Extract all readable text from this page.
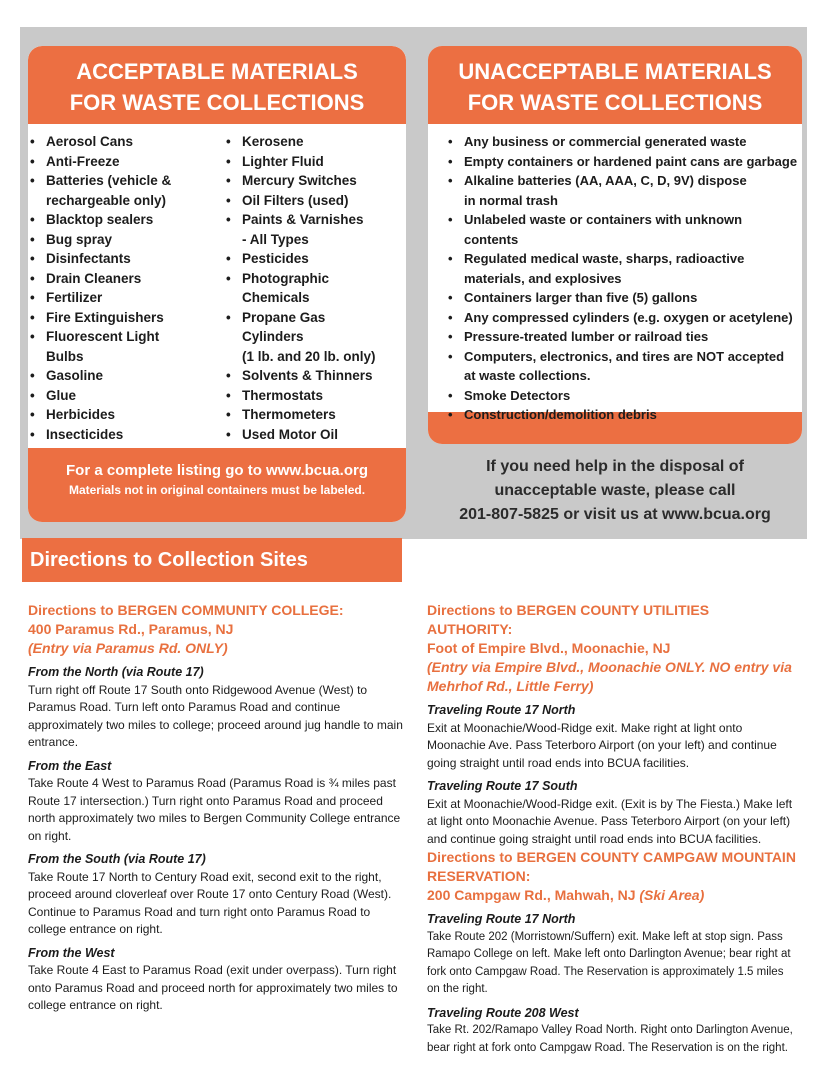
ACCEPTABLE MATERIALS
FOR WASTE COLLECTIONS
For a complete listing go to www.bcua.org
Materials not in original containers must be labeled.
• Aerosol Cans
• Anti-Freeze
• Batteries (vehicle &
rechargeable only)
• Blacktop sealers
• Bug spray
• Disinfectants
• Drain Cleaners
• Fertilizer
• Fire Extinguishers
• Fluorescent Light
Bulbs
• Gasoline
• Glue
• Herbicides
• Insecticides
• Kerosene
• Lighter Fluid
• Mercury Switches
• Oil Filters (used)
• Paints & Varnishes
- All Types
• Pesticides
• Photographic
Chemicals
• Propane Gas Cylinders
(1 lb. and 20 lb. only)
• Solvents & Thinners
• Thermostats
• Thermometers
• Used Motor Oil
UNACCEPTABLE MATERIALS
FOR WASTE COLLECTIONS
• Any business or commercial generated waste
• Empty containers or hardened paint cans are garbage
• Alkaline batteries (AA, AAA, C, D, 9V) dispose
in normal trash
• Unlabeled waste or containers with unknown contents
• Regulated medical waste, sharps, radioactive
materials, and explosives
• Containers larger than five (5) gallons
• Any compressed cylinders (e.g. oxygen or acetylene)
• Pressure-treated lumber or railroad ties
• Computers, electronics, and tires are NOT accepted
at waste collections.
• Smoke Detectors
• Construction/demolition debris
If you need help in the disposal of
unacceptable waste, please call
201-807-5825 or visit us at www.bcua.org
Directions to Collection Sites
Directions to BERGEN COMMUNITY COLLEGE:
400 Paramus Rd., Paramus, NJ
(Entry via Paramus Rd. ONLY)
From the North (via Route 17)
Turn right off Route 17 South onto Ridgewood Avenue (West) to Paramus Road. Turn left onto Paramus Road and continue approximately two miles to college; proceed around jug handle to main entrance.
From the East
Take Route 4 West to Paramus Road (Paramus Road is ¾ miles past Route 17 intersection.) Turn right onto Paramus Road and proceed north approximately two miles to Bergen Community College entrance on right.
From the South (via Route 17)
Take Route 17 North to Century Road exit, second exit to the right, proceed around cloverleaf over Route 17 onto Century Road (West). Continue to Paramus Road and turn right onto Paramus Road to college entrance on right.
From the West
Take Route 4 East to Paramus Road (exit under overpass). Turn right onto Paramus Road and proceed north for approximately two miles to college entrance on right.
Directions to BERGEN COUNTY UTILITIES AUTHORITY:
Foot of Empire Blvd., Moonachie, NJ
(Entry via Empire Blvd., Moonachie ONLY. NO entry via Mehrhof Rd., Little Ferry)
Traveling Route 17 North
Exit at Moonachie/Wood-Ridge exit. Make right at light onto Moonachie Ave. Pass Teterboro Airport (on your left) and continue going straight until road ends into BCUA facilities.
Traveling Route 17 South
Exit at Moonachie/Wood-Ridge exit. (Exit is by The Fiesta.) Make left at light onto Moonachie Avenue. Pass Teterboro Airport (on your left) and continue going straight until road ends into BCUA facilities.
Directions to BERGEN COUNTY CAMPGAW MOUNTAIN RESERVATION:
200 Campgaw Rd., Mahwah, NJ (Ski Area)
Traveling Route 17 North
Take Route 202 (Morristown/Suffern) exit. Make left at stop sign. Pass Ramapo College on left. Make left onto Darlington Avenue; bear right at fork onto Campgaw Road. The Reservation is approximately 1.5 miles on the right.
Traveling Route 208 West
Take Rt. 202/Ramapo Valley Road North. Right onto Darlington Avenue, bear right at fork onto Campgaw Road. The Reservation is on the right.
